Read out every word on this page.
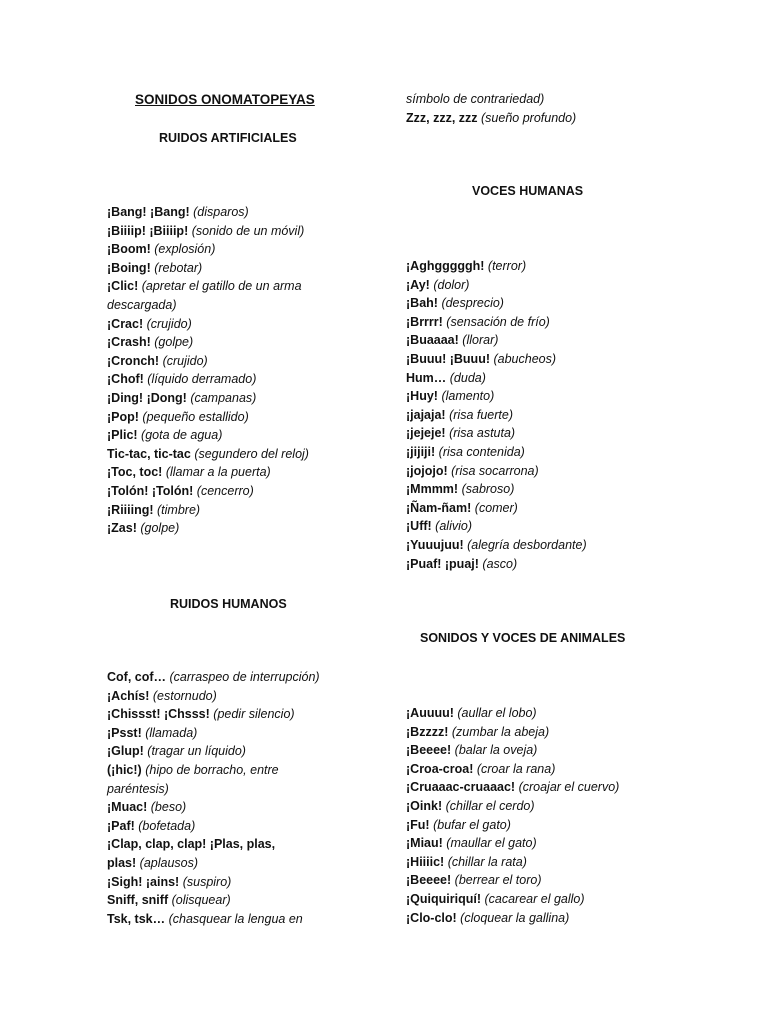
SONIDOS ONOMATOPEYAS
RUIDOS ARTIFICIALES
¡Bang! ¡Bang! (disparos)
¡Biiiip! ¡Biiiip! (sonido de un móvil)
¡Boom! (explosión)
¡Boing! (rebotar)
¡Clic! (apretar el gatillo de un arma
descargada)
¡Crac! (crujido)
¡Crash! (golpe)
¡Cronch! (crujido)
¡Chof! (líquido derramado)
¡Ding! ¡Dong! (campanas)
¡Pop! (pequeño estallido)
¡Plic! (gota de agua)
Tic-tac, tic-tac (segundero del reloj)
¡Toc, toc! (llamar a la puerta)
¡Tolón! ¡Tolón! (cencerro)
¡Riiiing! (timbre)
¡Zas! (golpe)
RUIDOS HUMANOS
Cof, cof… (carraspeo de interrupción)
¡Achís! (estornudo)
¡Chissst! ¡Chsss! (pedir silencio)
¡Psst! (llamada)
¡Glup! (tragar un líquido)
(¡hic!) (hipo de borracho, entre
paréntesis)
¡Muac! (beso)
¡Paf! (bofetada)
¡Clap, clap, clap! ¡Plas, plas,
plas! (aplausos)
¡Sigh! ¡ains! (suspiro)
Sniff, sniff (olisquear)
Tsk, tsk… (chasquear la lengua en
símbolo de contrariedad)
Zzz, zzz, zzz (sueño profundo)
VOCES HUMANAS
¡Aghgggggh! (terror)
¡Ay! (dolor)
¡Bah! (desprecio)
¡Brrrr! (sensación de frío)
¡Buaaaa! (llorar)
¡Buuu! ¡Buuu! (abucheos)
Hum… (duda)
¡Huy! (lamento)
¡jajaja! (risa fuerte)
¡jejeje! (risa astuta)
¡jijiji! (risa contenida)
¡jojojo! (risa socarrona)
¡Mmmm! (sabroso)
¡Ñam-ñam! (comer)
¡Uff! (alivio)
¡Yuuujuu! (alegría desbordante)
¡Puaf! ¡puaj! (asco)
SONIDOS Y VOCES DE ANIMALES
¡Auuuu! (aullar el lobo)
¡Bzzzz! (zumbar la abeja)
¡Beeee! (balar la oveja)
¡Croa-croa! (croar la rana)
¡Cruaaac-cruaaac! (croajar el cuervo)
¡Oink! (chillar el cerdo)
¡Fu! (bufar el gato)
¡Miau! (maullar el gato)
¡Hiiiic! (chillar la rata)
¡Beeee! (berrear el toro)
¡Quiquiriquí! (cacarear el gallo)
¡Clo-clo! (cloquear la gallina)
